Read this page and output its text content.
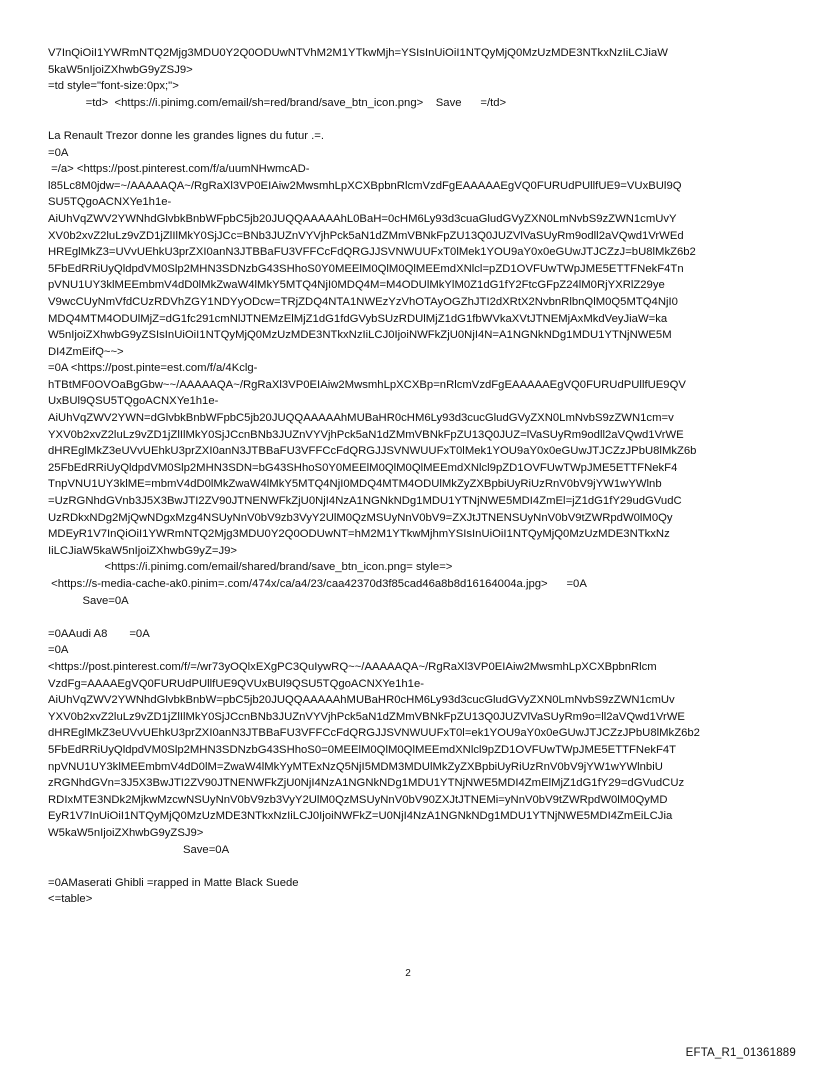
V7InQiOiI1YWRmNTQ2Mjg3MDU0Y2Q0ODUwNTVhM2M1YTkwMjh=YSIsInUiOiI1NTQyMjQ0MzUzMDE3NTkxNzIiLCJiaW
5kaW5nIjoiZXhwbG9yZSJ9>
=td style="font-size:0px;">
=td>  <https://i.pinimg.com/email/sh=red/brand/save_btn_icon.png>    Save      =/td>
La Renault Trezor donne les grandes lignes du futur .=.
=0A
=/a> <https://post.pinterest.com/f/a/uumNHwmcAD-
l85Lc8M0jdw=~/AAAAAQA~/RgRaXl3VP0EIAiw2MwsmhLpXCXBpbnRlcmVzdFgEAAAAAEgVQ0FURUdPUllfUE9=VUxBUl9Q
SU5TQgoACNXYe1h1e-
AiUhVqZWV2YWNhdGlvbkBnbWFpbC5jb20JUQQAAAAAhL0BaH=0cHM6Ly93d3cuaGludGVyZXN0LmNvbS9zZWN1cmUvY
XV0b2xvZ2luLz9vZD1jZlIlMkY0SjJCc=BNb3JUZnVYVjhPck5aN1dZMmVBNkFpZU13Q0JUZVlVaSUyRm9odll2aVQwd1VrWEd
HREglMkZ3=UVvUEhkU3prZXI0anN3JTBBaFU3VFFCcFdQRGJJSVNWUUFxT0lMek1YOU9aY0x0eGUwJTJCZzJ=bU8lMkZ6b2
5FbEdRRiUyQldpdVM0Slp2MHN3SDNzbG43SHhoS0Y0MEElM0QlM0QlMEEmdXNlcl=pZD1OVFUwTWpJME5ETTFNekF4Tn
pVNU1UY3klMEEmbmV4dD0lMkZwaW4lMkY5MTQ4NjI0MDQ4M=M4ODUlMkYlM0Z1dG1fY2FtcGFpZ24lM0RjYXRlZ29ye
V9wcCUyNmVfdCUzRDVhZGY1NDYyODcw=TRjZDQ4NTA1NWEzYzVhOTAyOGZhJTI2dXRtX2NvbnRlbnQlM0Q5MTQ4NjI0
MDQ4MTM4ODUlMjZ=dG1fc291cmNlJTNEMzElMjZ1dG1fdGVybSUzRDUlMjZ1dG1fbWVkaXVtJTNEMjAxMkdVeyJiaW=ka
W5nIjoiZXhwbG9yZSIsInUiOiI1NTQyMjQ0MzUzMDE3NTkxNzIiLCJ0IjoiNWFkZjU0NjI4N=A1NGNkNDg1MDU1YTNjNWE5M
DI4ZmEifQ~~>
=0A <https://post.pinte=est.com/f/a/4Kclg-
hTBtMF0OVOaBgGbw~~/AAAAAQA~/RgRaXl3VP0EIAiw2MwsmhLpXCXBp=nRlcmVzdFgEAAAAAEgVQ0FURUdPUllfUE9QV
UxBUl9QSU5TQgoACNXYe1h1e-
AiUhVqZWV2YWN=dGlvbkBnbWFpbC5jb20JUQQAAAAAhMUBaHR0cHM6Ly93d3cucGludGVyZXN0LmNvbS9zZWN1cm=v
YXV0b2xvZ2luLz9vZD1jZlIlMkY0SjJCcnBNb3JUZnVYVjhPck5aN1dZMmVBNkFpZU13Q0JUZ=lVaSUyRm9odll2aVQwd1VrWE
dHREglMkZ3eUVvUEhkU3prZXI0anN3JTBBaFU3VFFCcFdQRGJJSVNWUUFxT0lMek1YOU9aY0x0eGUwJTJCZzJPbU8lMkZ6b
25FbEdRRiUyQldpdVM0Slp2MHN3SDN=bG43SHhoS0Y0MEElM0QlM0QlMEEmdXNlcl9pZD1OVFUwTWpJME5ETTFNekF4
TnpVNU1UY3klME=mbmV4dD0lMkZwaW4lMkY5MTQ4NjI0MDQ4MTM4ODUlMkZyZXBpbiUyRiUzRnV0bV9jYW1wYWlnb
=UzRGNhdGVnb3J5X3BwJTI2ZV90JTNENWFkZjU0NjI4NzA1NGNkNDg1MDU1YTNjNWE5MDI4ZmEl=jZ1dG1fY29udGVudC
UzRDkxNDg2MjQwNDgxMzg4NSUyNnV0bV9zb3VyY2UlM0QzMSUyNnV0bV9=ZXJtJTNENSUyNnV0bV9tZWRpdW0lM0Qy
MDEyR1V7InQiOiI1YWRmNTQ2Mjg3MDU0Y2Q0ODUwNT=hM2M1YTkwMjhmYSIsInUiOiI1NTQyMjQ0MzUzMDE3NTkxNz
IiLCJiaW5kaW5nIjoiZXhwbG9yZ=J9>
<https://i.pinimg.com/email/shared/brand/save_btn_icon.png= style=>
<https://s-media-cache-ak0.pinim=.com/474x/ca/a4/23/caa42370d3f85cad46a8b8d16164004a.jpg>      =0A
Save=0A
=0AAudi A8       =0A
=0A
<https://post.pinterest.com/f/=/wr73yOQlxEXgPC3QuIywRQ~~/AAAAAQA~/RgRaXl3VP0EIAiw2MwsmhLpXCXBpbnRlcm
VzdFg=AAAAEgVQ0FURUdPUllfUE9QVUxBUl9QSU5TQgoACNXYe1h1e-
AiUhVqZWV2YWNhdGlvbkBnbW=pbC5jb20JUQQAAAAAhMUBaHR0cHM6Ly93d3cucGludGVyZXN0LmNvbS9zZWN1cmUv
YXV0b2xvZ2luLz9vZD1jZlIlMkY0SjJCcnBNb3JUZnVYVjhPck5aN1dZMmVBNkFpZU13Q0JUZVlVaSUyRm9o=ll2aVQwd1VrWE
dHREglMkZ3eUVvUEhkU3prZXI0anN3JTBBaFU3VFFCcFdQRGJJSVNWUUFxT0l=ek1YOU9aY0x0eGUwJTJCZzJPbU8lMkZ6b2
5FbEdRRiUyQldpdVM0Slp2MHN3SDNzbG43SHhoS0=0MEElM0QlM0QlMEEmdXNlcl9pZD1OVFUwTWpJME5ETTFNekF4T
npVNU1UY3klMEEmbmV4dD0lM=ZwaW4lMkYyMTExNzQ5NjI5MDM3MDUlMkZyZXBpbiUyRiUzRnV0bV9jYW1wYWlnbiU
zRGNhdGVn=3J5X3BwJTI2ZV90JTNENWFkZjU0NjI4NzA1NGNkNDg1MDU1YTNjNWE5MDI4ZmElMjZ1dG1fY29=dGVudCUz
RDIxMTE3NDk2MjkwMzcwNSUyNnV0bV9zb3VyY2UlM0QzMSUyNnV0bV90ZXJtJTNEMi=yNnV0bV9tZWRpdW0lM0QyMD
EyR1V7InUiOiI1NTQyMjQ0MzUzMDE3NTkxNzIiLCJ0IjoiNWFkZ=U0NjI4NzA1NGNkNDg1MDU1YTNjNWE5MDI4ZmEiLCJia
W5kaW5nIjoiZXhwbG9yZSJ9>
Save=0A
=0AMaserati Ghibli =rapped in Matte Black Suede
<=table>
2
EFTA_R1_01361889
